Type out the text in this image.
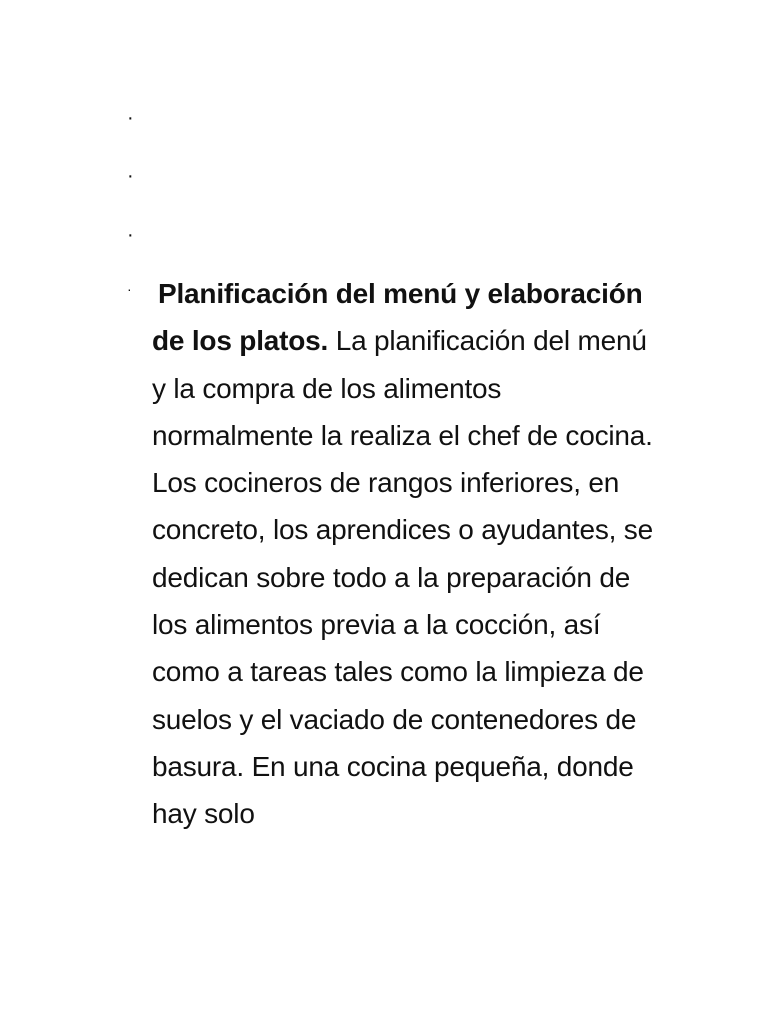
·
·
·
· Planificación del menú y elaboración de los platos. La planificación del menú y la compra de los alimentos normalmente la realiza el chef de cocina. Los cocineros de rangos inferiores, en concreto, los aprendices o ayudantes, se dedican sobre todo a la preparación de los alimentos previa a la cocción, así como a tareas tales como la limpieza de suelos y el vaciado de contenedores de basura. En una cocina pequeña, donde hay solo
